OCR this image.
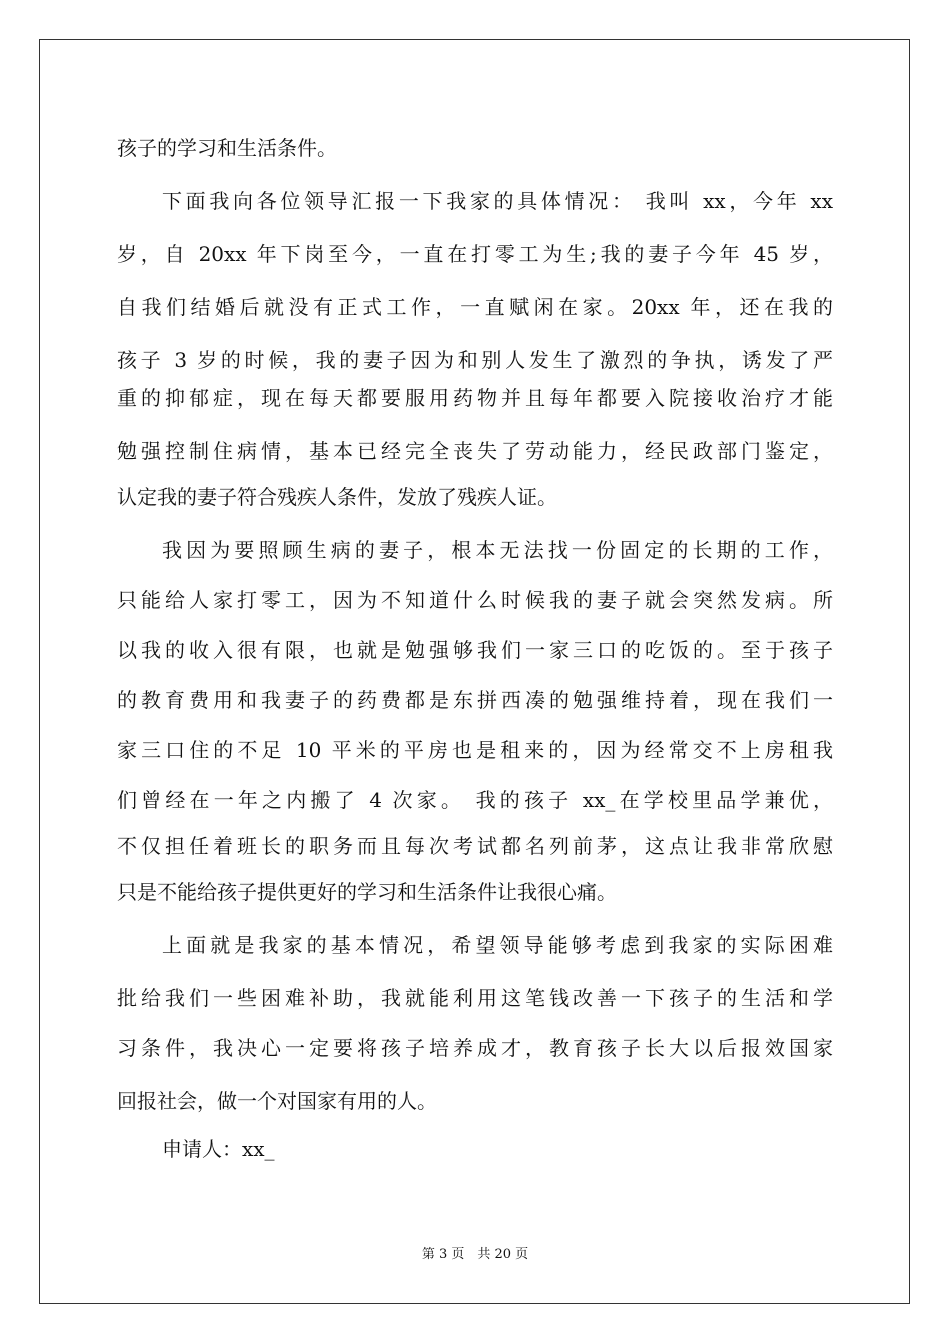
孩子的学习和生活条件。
下面我向各位领导汇报一下我家的具体情况： 我叫 xx，今年 xx
岁，自 20xx 年下岗至今，一直在打零工为生;我的妻子今年 45 岁，
自我们结婚后就没有正式工作，一直赋闲在家。20xx 年，还在我的
孩子 3 岁的时候，我的妻子因为和别人发生了激烈的争执，诱发了严
重的抑郁症，现在每天都要服用药物并且每年都要入院接收治疗才能
勉强控制住病情，基本已经完全丧失了劳动能力，经民政部门鉴定，
认定我的妻子符合残疾人条件，发放了残疾人证。
我因为要照顾生病的妻子，根本无法找一份固定的长期的工作，
只能给人家打零工，因为不知道什么时候我的妻子就会突然发病。所
以我的收入很有限，也就是勉强够我们一家三口的吃饭的。至于孩子
的教育费用和我妻子的药费都是东拼西凑的勉强维持着，现在我们一
家三口住的不足 10 平米的平房也是租来的，因为经常交不上房租我
们曾经在一年之内搬了 4 次家。 我的孩子 xx_在学校里品学兼优，
不仅担任着班长的职务而且每次考试都名列前茅，这点让我非常欣慰
只是不能给孩子提供更好的学习和生活条件让我很心痛。
上面就是我家的基本情况，希望领导能够考虑到我家的实际困难
批给我们一些困难补助，我就能利用这笔钱改善一下孩子的生活和学
习条件，我决心一定要将孩子培养成才，教育孩子长大以后报效国家
回报社会，做一个对国家有用的人。
申请人：xx_
第 3 页　共 20 页
